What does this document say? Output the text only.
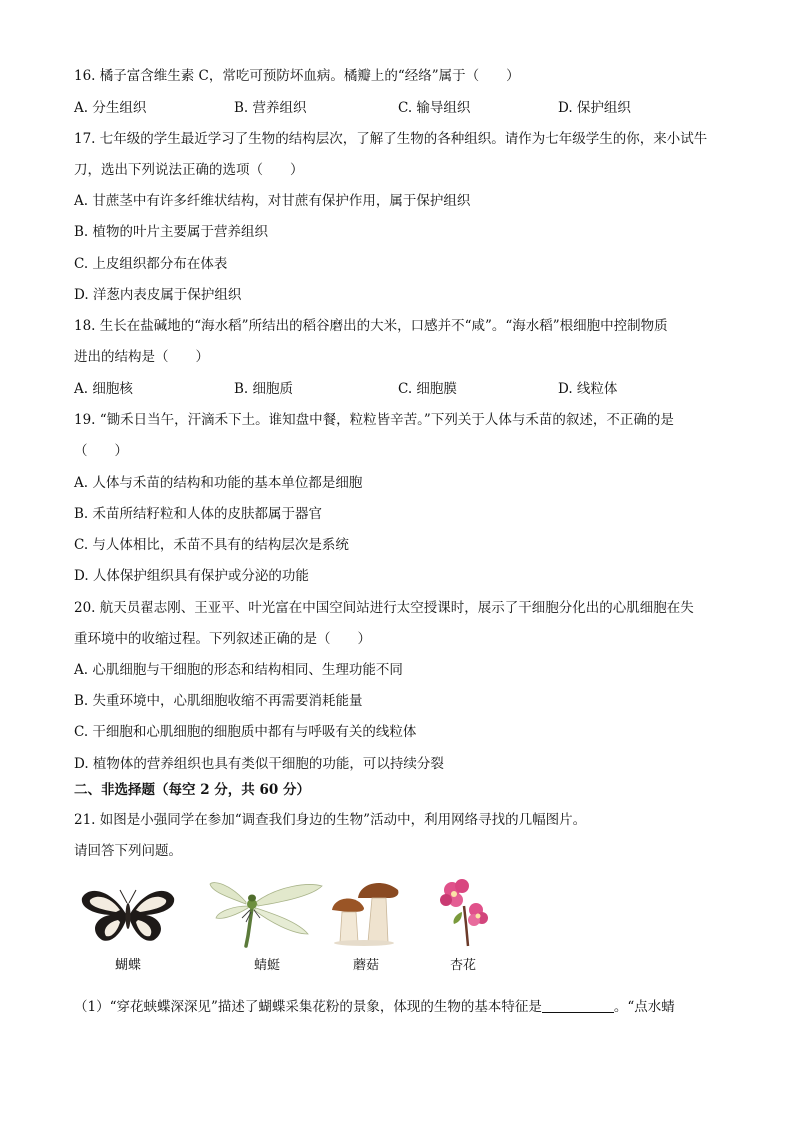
16. 橘子富含维生素 C，常吃可预防坏血病。橘瓣上的“经络”属于（　　）
A. 分生组织	B. 营养组织	C. 输导组织	D. 保护组织
17. 七年级的学生最近学习了生物的结构层次，了解了生物的各种组织。请作为七年级学生的你，来小试牛
刀，选出下列说法正确的选项（　　）
A. 甘蔗茎中有许多纤维状结构，对甘蔗有保护作用，属于保护组织
B. 植物的叶片主要属于营养组织
C. 上皮组织都分布在体表
D. 洋葱内表皮属于保护组织
18. 生长在盐碱地的“海水稻”所结出的稻谷磨出的大米，口感并不“咸”。“海水稻”根细胞中控制物质
进出的结构是（　　）
A. 细胞核	B. 细胞质	C. 细胞膜	D. 线粒体
19. “锄禾日当午，汗滴禾下土。谁知盘中餐，粒粒皆辛苦。”下列关于人体与禾苗的叙述，不正确的是
（　　）
A. 人体与禾苗的结构和功能的基本单位都是细胞
B. 禾苗所结籽粒和人体的皮肤都属于器官
C. 与人体相比，禾苗不具有的结构层次是系统
D. 人体保护组织具有保护或分泌的功能
20. 航天员翟志刚、王亚平、叶光富在中国空间站进行太空授课时，展示了干细胞分化出的心肌细胞在失
重环境中的收缩过程。下列叙述正确的是（　　）
A. 心肌细胞与干细胞的形态和结构相同、生理功能不同
B. 失重环境中，心肌细胞收缩不再需要消耗能量
C. 干细胞和心肌细胞的细胞质中都有与呼吸有关的线粒体
D. 植物体的营养组织也具有类似干细胞的功能，可以持续分裂
二、非选择题（每空 2 分，共 60 分）
21. 如图是小强同学在参加“调查我们身边的生物”活动中，利用网络寻找的几幅图片。
请回答下列问题。
蝴蝶	蜻蜓	蘑菇	杏花
（1）“穿花蛱蝶深深见”描述了蝴蝶采集花粉的景象，体现的生物的基本特征是	。“点水蜻
